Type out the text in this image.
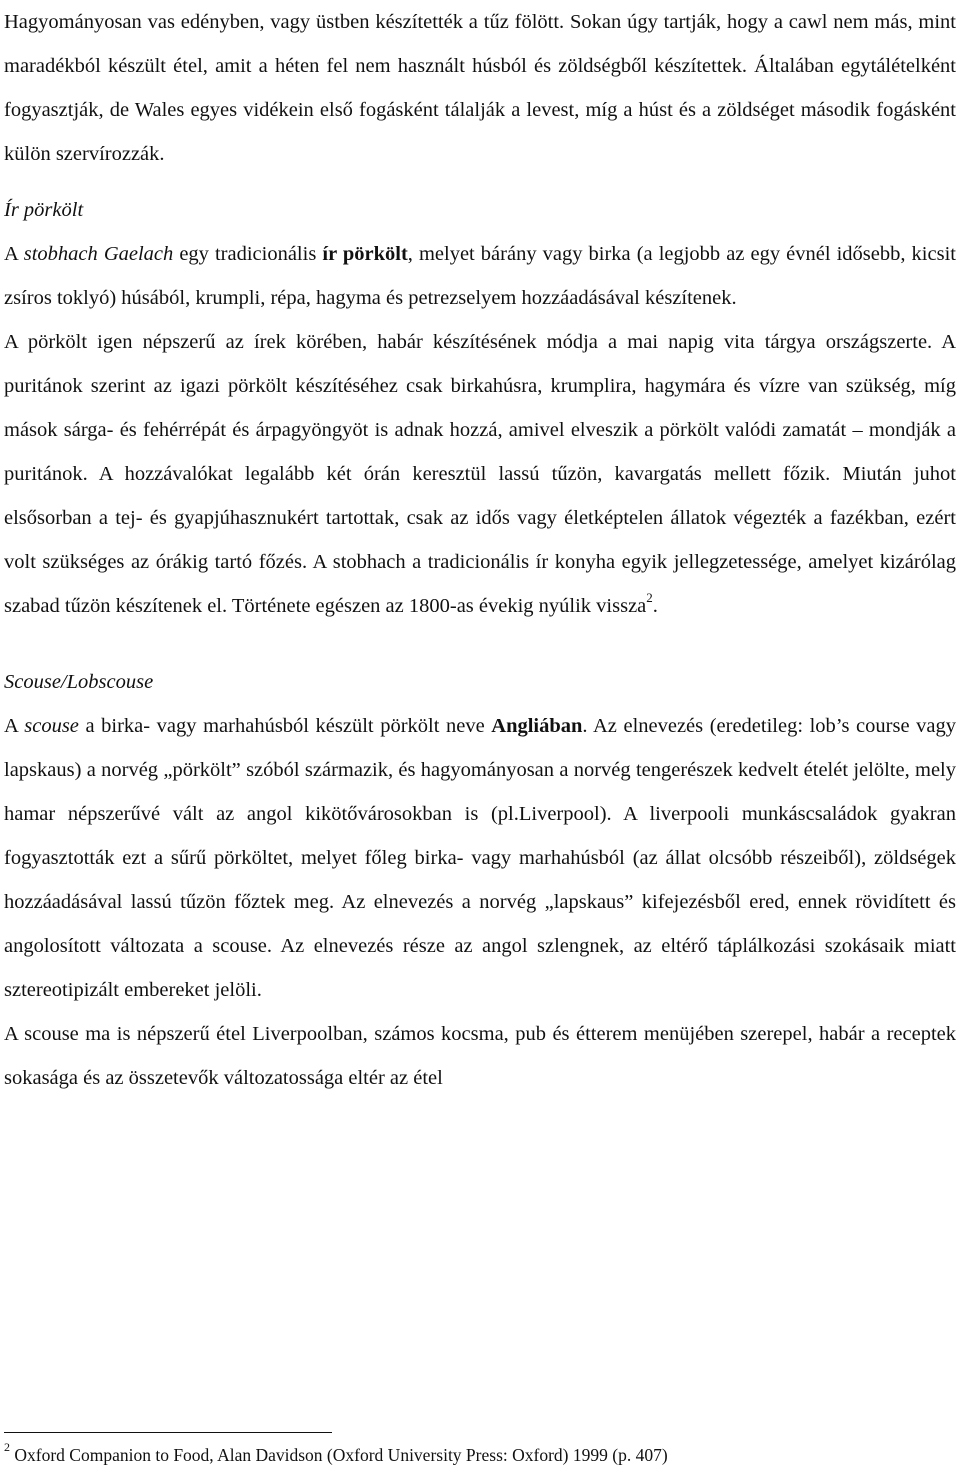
Hagyományosan vas edényben, vagy üstben készítették a tűz fölött. Sokan úgy tartják, hogy a cawl nem más, mint maradékból készült étel, amit a héten fel nem használt húsból és zöldségből készítettek. Általában egytálételként fogyasztják, de Wales egyes vidékein első fogásként tálalják a levest, míg a húst és a zöldséget második fogásként külön szervírozzák.

Ír pörkölt

A stobhach Gaelach egy tradicionális ír pörkölt, melyet bárány vagy birka (a legjobb az egy évnél idősebb, kicsit zsíros toklyó) húsából, krumpli, répa, hagyma és petrezselyem hozzáadásával készítenek.

A pörkölt igen népszerű az írek körében, habár készítésének módja a mai napig vita tárgya országszerte. A puritánok szerint az igazi pörkölt készítéséhez csak birkahúsra, krumplira, hagymára és vízre van szükség, míg mások sárga- és fehérrépát és árpagyöngyöt is adnak hozzá, amivel elveszik a pörkölt valódi zamatát – mondják a puritánok. A hozzávalókat legalább két órán keresztül lassú tűzön, kavargatás mellett főzik. Miután juhot elsősorban a tej- és gyapjúhasznukért tartottak, csak az idős vagy életképtelen állatok végezték a fazékban, ezért volt szükséges az órákig tartó főzés. A stobhach a tradicionális ír konyha egyik jellegzetessége, amelyet kizárólag szabad tűzön készítenek el. Története egészen az 1800-as évekig nyúlik vissza$^2$.

Scouse/Lobscouse

A scouse a birka- vagy marhahúsból készült pörkölt neve Angliában. Az elnevezés (eredetileg: lob’s course vagy lapskaus) a norvég „pörkölt” szóból származik, és hagyományosan a norvég tengerészek kedvelt ételét jelölte, mely hamar népszerűvé vált az angol kikötővárosokban is (pl.Liverpool). A liverpooli munkáscsaládok gyakran fogyasztották ezt a sűrű pörköltet, melyet főleg birka- vagy marhahúsból (az állat olcsóbb részeiből), zöldségek hozzáadásával lassú tűzön főztek meg. Az elnevezés a norvég „lapskaus” kifejezésből ered, ennek rövidített és angolosított változata a scouse. Az elnevezés része az angol szlengnek, az eltérő táplálkozási szokásaik miatt sztereotipizált embereket jelöli.

A scouse ma is népszerű étel Liverpoolban, számos kocsma, pub és étterem menüjében szerepel, habár a receptek sokasága és az összetevők változatossága eltér az étel

$^2$ Oxford Companion to Food, Alan Davidson (Oxford University Press: Oxford) 1999 (p. 407)
